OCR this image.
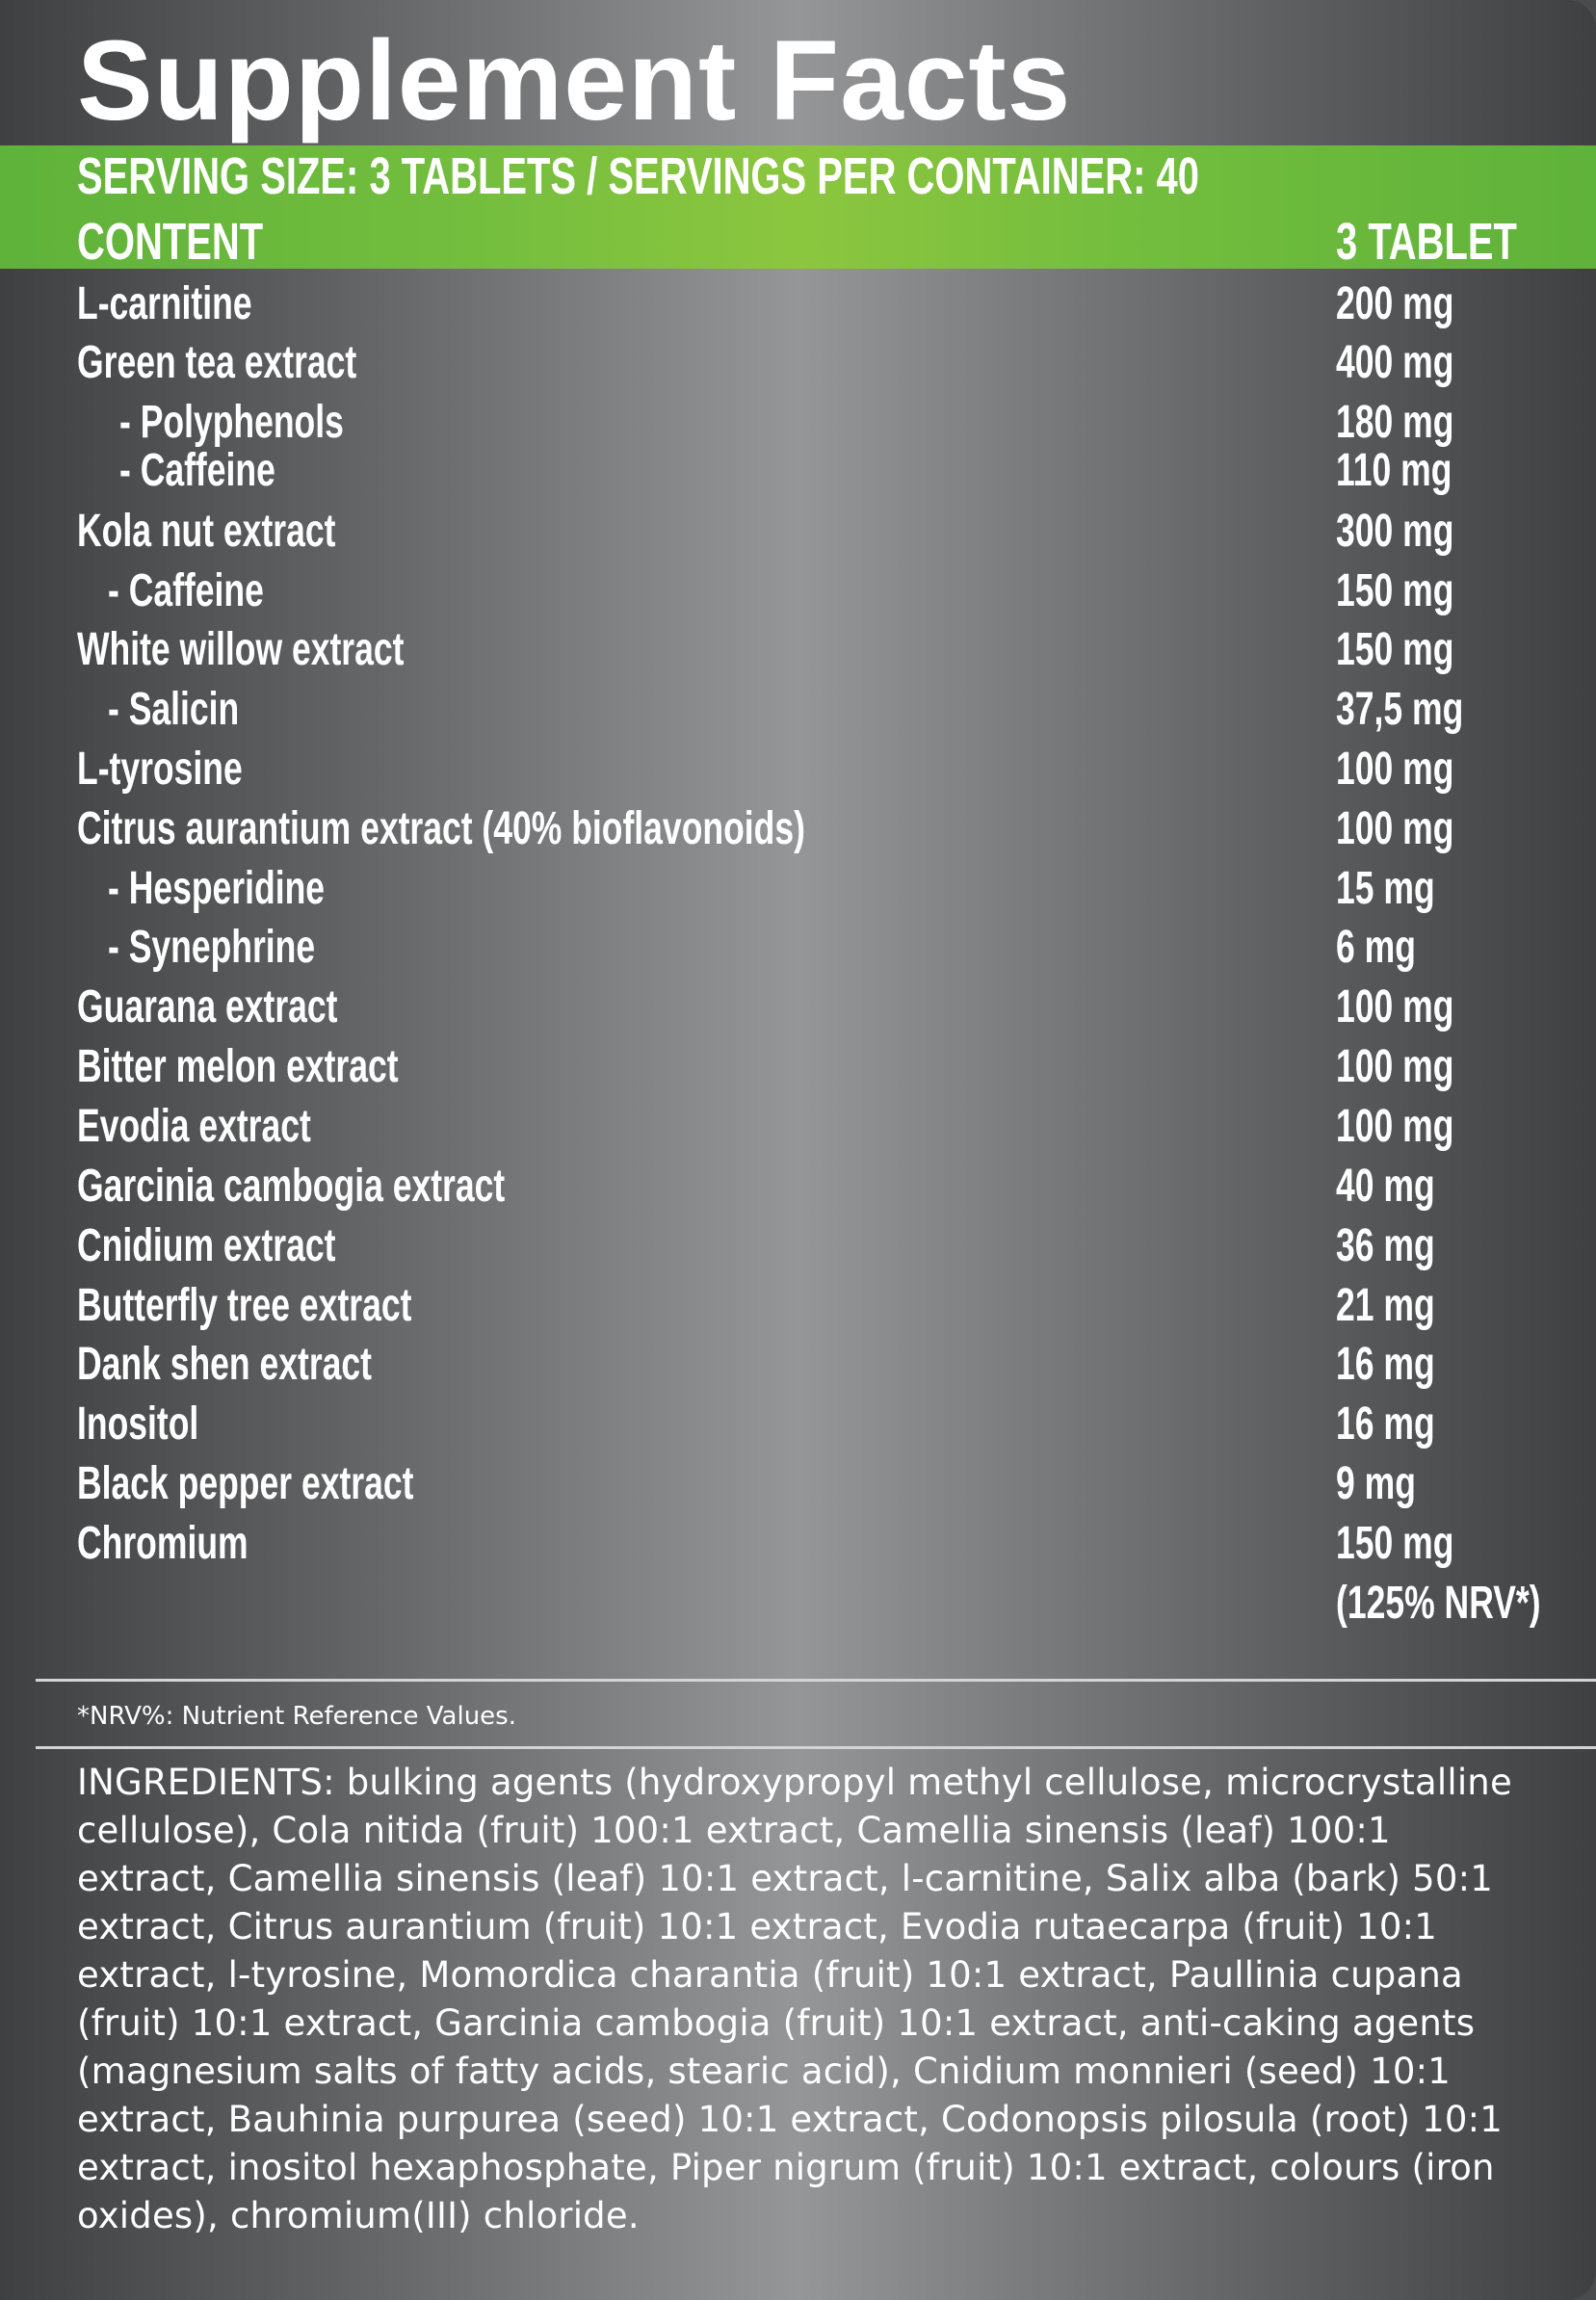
Supplement Facts
SERVING SIZE: 3 TABLETS / SERVINGS PER CONTAINER: 40
CONTENT	3 TABLET
L-carnitine	200 mg
Green tea extract	400 mg
- Polyphenols	180 mg
- Caffeine	110 mg
Kola nut extract	300 mg
- Caffeine	150 mg
White willow extract	150 mg
- Salicin	37,5 mg
L-tyrosine	100 mg
Citrus aurantium extract (40% bioflavonoids)	100 mg
- Hesperidine	15 mg
- Synephrine	6 mg
Guarana extract	100 mg
Bitter melon extract	100 mg
Evodia extract	100 mg
Garcinia cambogia extract	40 mg
Cnidium extract	36 mg
Butterfly tree extract	21 mg
Dank shen extract	16 mg
Inositol	16 mg
Black pepper extract	9 mg
Chromium	150 mg
(125% NRV*)
*NRV%: Nutrient Reference Values.
INGREDIENTS: bulking agents (hydroxypropyl methyl cellulose, microcrystalline cellulose), Cola nitida (fruit) 100:1 extract, Camellia sinensis (leaf) 100:1 extract, Camellia sinensis (leaf) 10:1 extract, l-carnitine, Salix alba (bark) 50:1 extract, Citrus aurantium (fruit) 10:1 extract, Evodia rutaecarpa (fruit) 10:1 extract, l-tyrosine, Momordica charantia (fruit) 10:1 extract, Paullinia cupana (fruit) 10:1 extract, Garcinia cambogia (fruit) 10:1 extract, anti-caking agents (magnesium salts of fatty acids, stearic acid), Cnidium monnieri (seed) 10:1 extract, Bauhinia purpurea (seed) 10:1 extract, Codonopsis pilosula (root) 10:1 extract, inositol hexaphosphate, Piper nigrum (fruit) 10:1 extract, colours (iron oxides), chromium(III) chloride.
